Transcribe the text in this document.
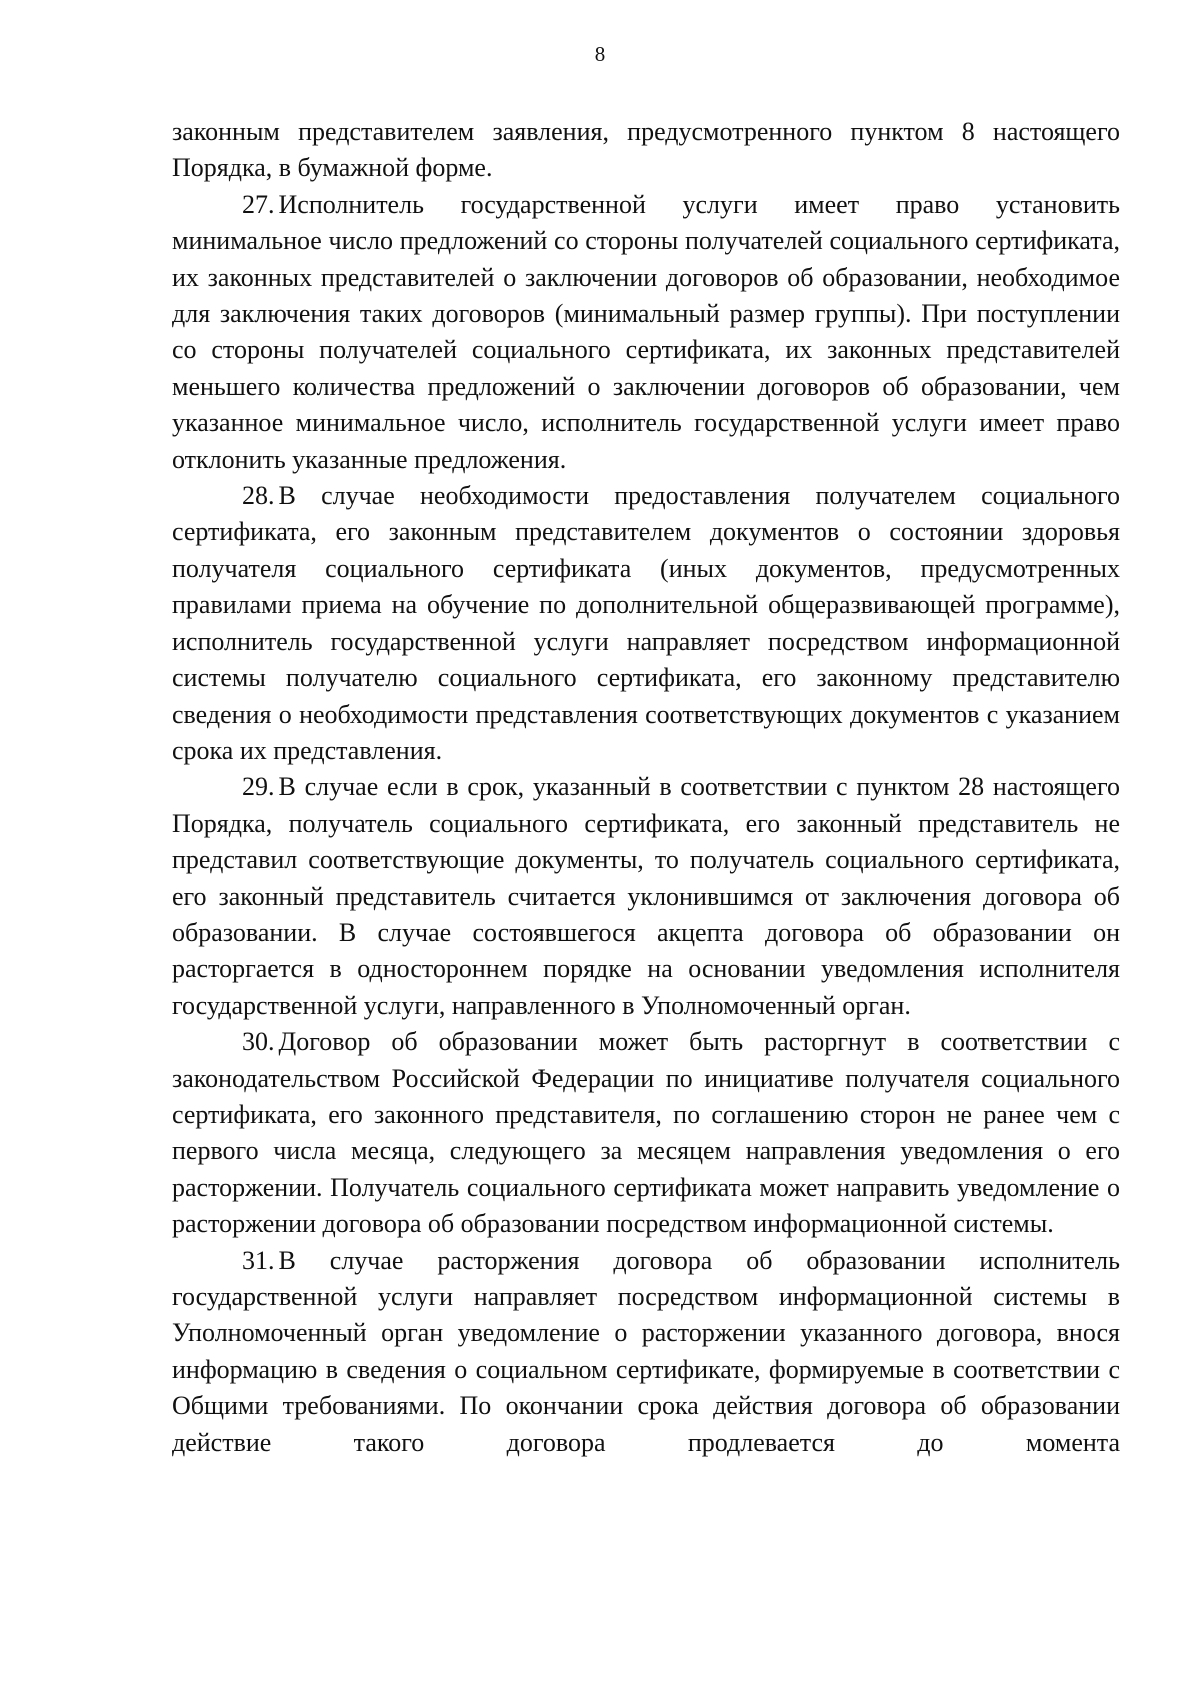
8

законным представителем заявления, предусмотренного пунктом 8 настоящего Порядка, в бумажной форме.

27. Исполнитель государственной услуги имеет право установить минимальное число предложений со стороны получателей социального сертификата, их законных представителей о заключении договоров об образовании, необходимое для заключения таких договоров (минимальный размер группы). При поступлении со стороны получателей социального сертификата, их законных представителей меньшего количества предложений о заключении договоров об образовании, чем указанное минимальное число, исполнитель государственной услуги имеет право отклонить указанные предложения.

28. В случае необходимости предоставления получателем социального сертификата, его законным представителем документов о состоянии здоровья получателя социального сертификата (иных документов, предусмотренных правилами приема на обучение по дополнительной общеразвивающей программе), исполнитель государственной услуги направляет посредством информационной системы получателю социального сертификата, его законному представителю сведения о необходимости представления соответствующих документов с указанием срока их представления.

29. В случае если в срок, указанный в соответствии с пунктом 28 настоящего Порядка, получатель социального сертификата, его законный представитель не представил соответствующие документы, то получатель социального сертификата, его законный представитель считается уклонившимся от заключения договора об образовании. В случае состоявшегося акцепта договора об образовании он расторгается в одностороннем порядке на основании уведомления исполнителя государственной услуги, направленного в Уполномоченный орган.

30. Договор об образовании может быть расторгнут в соответствии с законодательством Российской Федерации по инициативе получателя социального сертификата, его законного представителя, по соглашению сторон не ранее чем с первого числа месяца, следующего за месяцем направления уведомления о его расторжении. Получатель социального сертификата может направить уведомление о расторжении договора об образовании посредством информационной системы.

31. В случае расторжения договора об образовании исполнитель государственной услуги направляет посредством информационной системы в Уполномоченный орган уведомление о расторжении указанного договора, внося информацию в сведения о социальном сертификате, формируемые в соответствии с Общими требованиями. По окончании срока действия договора об образовании действие такого договора продлевается до момента
